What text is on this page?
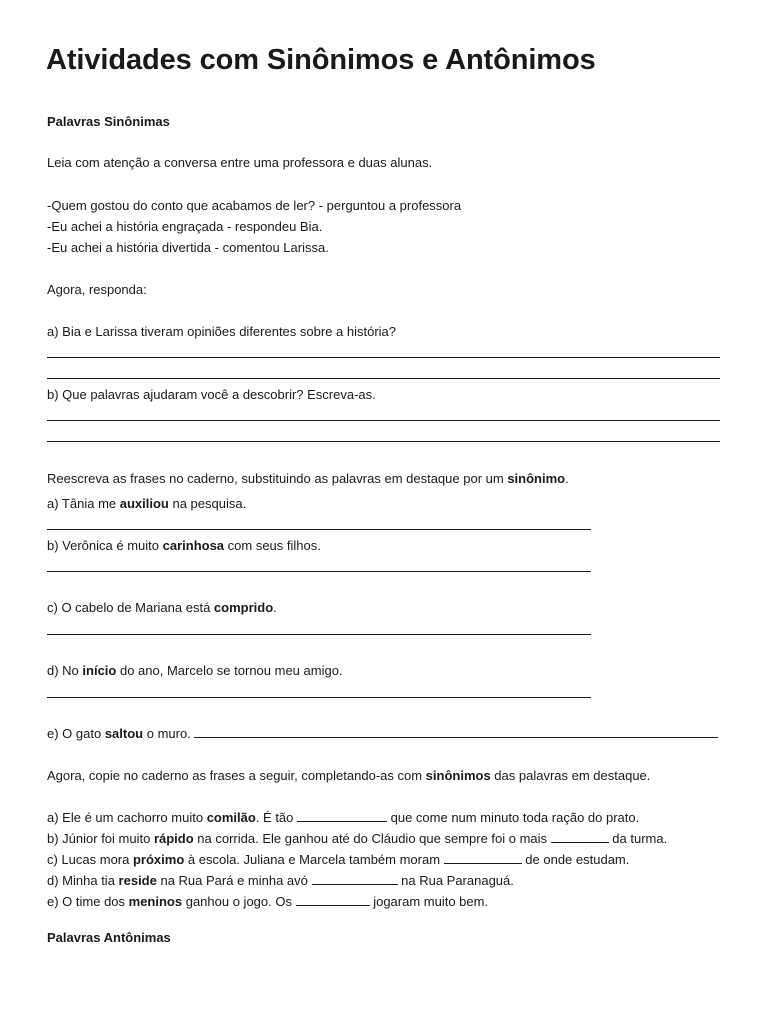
Atividades com Sinônimos e Antônimos
Palavras Sinônimas
Leia com atenção a conversa entre uma professora e duas alunas.
-Quem gostou do conto que acabamos de ler? - perguntou a professora
-Eu achei a história engraçada - respondeu Bia.
-Eu achei a história divertida - comentou Larissa.
Agora, responda:
a) Bia e Larissa tiveram opiniões diferentes sobre a história?
b) Que palavras ajudaram você a descobrir? Escreva-as.
Reescreva as frases no caderno, substituindo as palavras em destaque por um sinônimo.
a) Tânia me auxiliou na pesquisa.
b) Verônica é muito carinhosa com seus filhos.
c) O cabelo de Mariana está comprido.
d) No início do ano, Marcelo se tornou meu amigo.
e) O gato saltou o muro.
Agora, copie no caderno as frases a seguir, completando-as com sinônimos das palavras em destaque.
a) Ele é um cachorro muito comilão. É tão	que come num minuto toda ração do prato.
b) Júnior foi muito rápido na corrida. Ele ganhou até do Cláudio que sempre foi o mais	da turma.
c) Lucas mora próximo à escola. Juliana e Marcela também moram	de onde estudam.
d) Minha tia reside na Rua Pará e minha avó	na Rua Paranaguá.
e) O time dos meninos ganhou o jogo. Os	jogaram muito bem.
Palavras Antônimas
